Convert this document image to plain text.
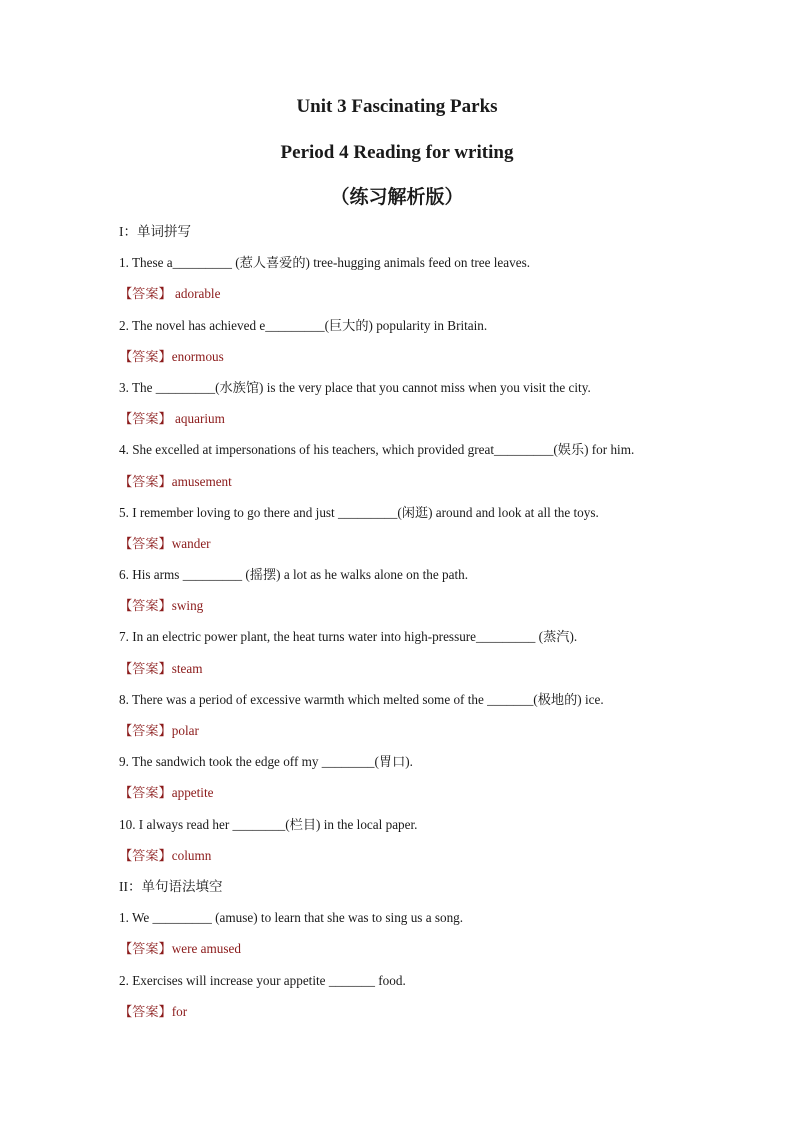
Unit 3 Fascinating Parks
Period 4 Reading for writing
（练习解析版）
I：单词拼写
1. These a_________ (惹人喜爱的) tree-hugging animals feed on tree leaves.
【答案】 adorable
2. The novel has achieved e_________(巨大的) popularity in Britain.
【答案】enormous
3. The _________(水族馆) is the very place that you cannot miss when you visit the city.
【答案】 aquarium
4. She excelled at impersonations of his teachers, which provided great_________(娱乐) for him.
【答案】amusement
5. I remember loving to go there and just _________(闲逛) around and look at all the toys.
【答案】wander
6. His arms _________ (摇摆) a lot as he walks alone on the path.
【答案】swing
7. In an electric power plant, the heat turns water into high-pressure_________ (蒸汽).
【答案】steam
8. There was a period of excessive warmth which melted some of the _______(极地的) ice.
【答案】polar
9. The sandwich took the edge off my ________(胃口).
【答案】appetite
10. I always read her ________(栏目) in the local paper.
【答案】column
II：单句语法填空
1. We _________ (amuse) to learn that she was to sing us a song.
【答案】were amused
2. Exercises will increase your appetite _______ food.
【答案】for
